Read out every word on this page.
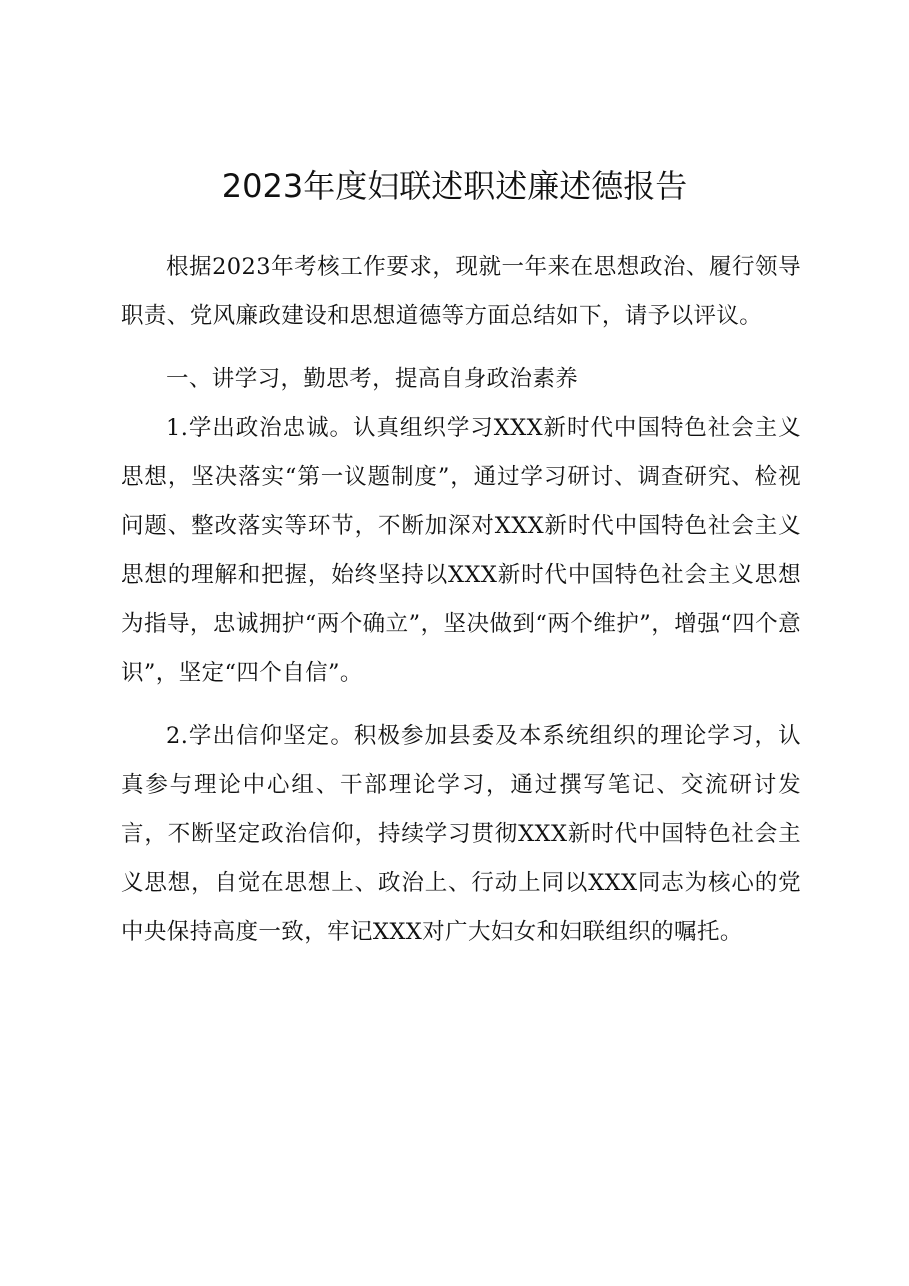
2023年度妇联述职述廉述德报告

根据2023年考核工作要求，现就一年来在思想政治、履行领导职责、党风廉政建设和思想道德等方面总结如下，请予以评议。

一、讲学习，勤思考，提高自身政治素养

1.学出政治忠诚。认真组织学习XXX新时代中国特色社会主义思想，坚决落实“第一议题制度”，通过学习研讨、调查研究、检视问题、整改落实等环节，不断加深对XXX新时代中国特色社会主义思想的理解和把握，始终坚持以XXX新时代中国特色社会主义思想为指导，忠诚拥护“两个确立”，坚决做到“两个维护”，增强“四个意识”，坚定“四个自信”。

2.学出信仰坚定。积极参加县委及本系统组织的理论学习，认真参与理论中心组、干部理论学习，通过撰写笔记、交流研讨发言，不断坚定政治信仰，持续学习贯彻XXX新时代中国特色社会主义思想，自觉在思想上、政治上、行动上同以XXX同志为核心的党中央保持高度一致，牢记XXX对广大妇女和妇联组织的嘱托。
